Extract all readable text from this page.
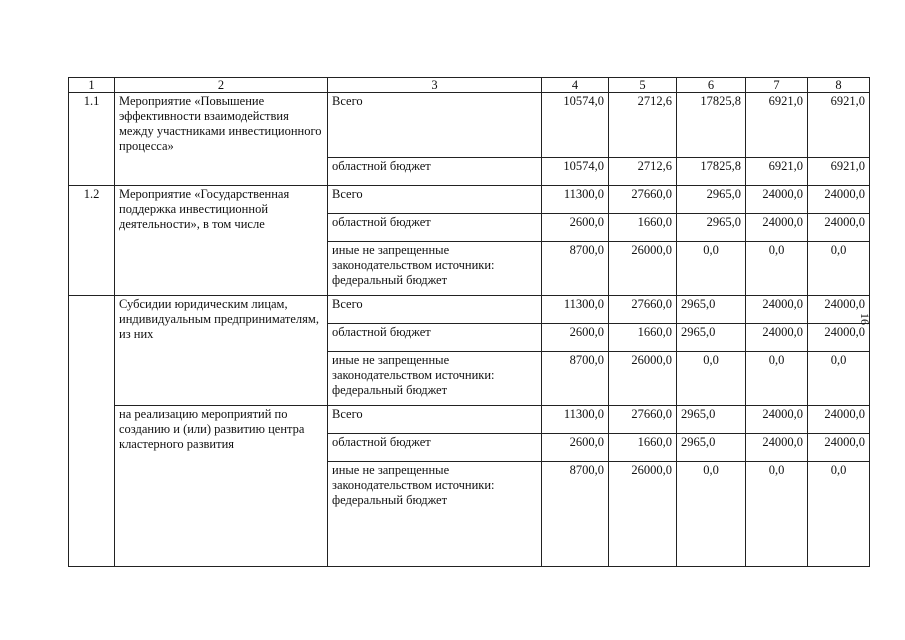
1	2	3	4	5	6	7	8
1.1	Мероприятие «Повышение эффективности взаимодействия между участниками инвестиционного процесса»	Всего	10574,0	2712,6	17825,8	6921,0	6921,0
		областной бюджет	10574,0	2712,6	17825,8	6921,0	6921,0
1.2	Мероприятие «Государственная поддержка инвестиционной деятельности», в том числе	Всего	11300,0	27660,0	2965,0	24000,0	24000,0
		областной бюджет	2600,0	1660,0	2965,0	24000,0	24000,0
		иные не запрещенные законодательством источники: федеральный бюджет	8700,0	26000,0	0,0	0,0	0,0
	Субсидии юридическим лицам, индивидуальным предпринимателям, из них	Всего	11300,0	27660,0	2965,0	24000,0	24000,0
		областной бюджет	2600,0	1660,0	2965,0	24000,0	24000,0
		иные не запрещенные законодательством источники: федеральный бюджет	8700,0	26000,0	0,0	0,0	0,0
	на реализацию мероприятий по созданию и (или) развитию центра кластерного развития	Всего	11300,0	27660,0	2965,0	24000,0	24000,0
		областной бюджет	2600,0	1660,0	2965,0	24000,0	24000,0
		иные не запрещенные законодательством источники: федеральный бюджет	8700,0	26000,0	0,0	0,0	0,0
16
